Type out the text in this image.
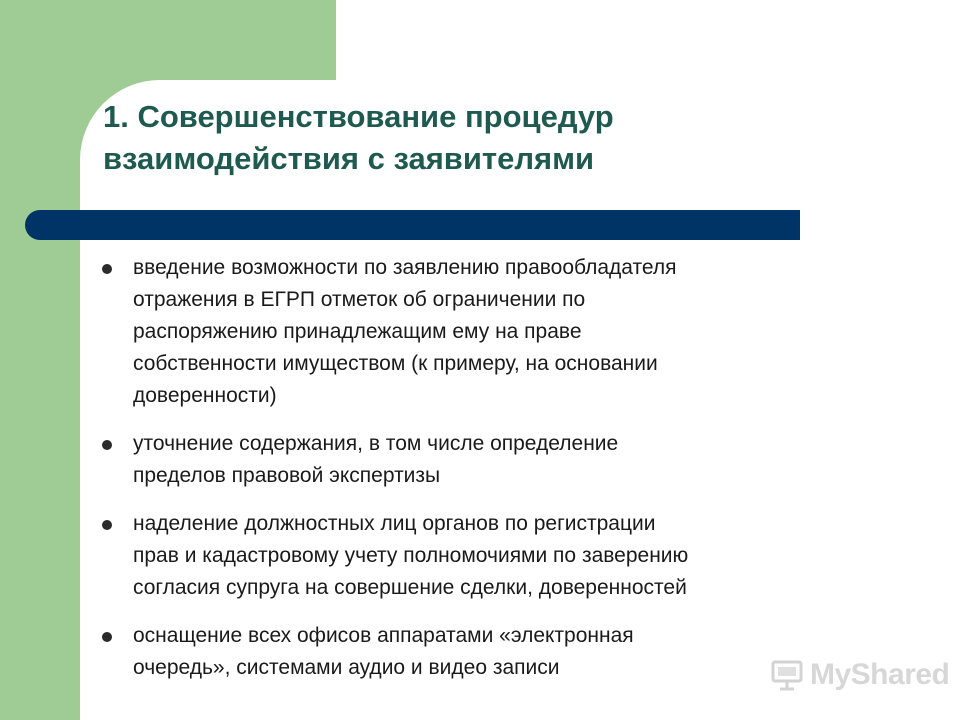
1. Совершенствование процедур
взаимодействия с заявителями
введение возможности по заявлению правообладателя
отражения в ЕГРП отметок об ограничении по
распоряжению принадлежащим ему на праве
собственности имуществом (к примеру, на основании
доверенности)
уточнение содержания, в том числе определение
пределов правовой экспертизы
наделение должностных лиц органов по регистрации
прав и кадастровому учету полномочиями по заверению
согласия супруга на совершение сделки, доверенностей
оснащение всех офисов аппаратами «электронная
очередь», системами аудио и видео записи	MyShared
